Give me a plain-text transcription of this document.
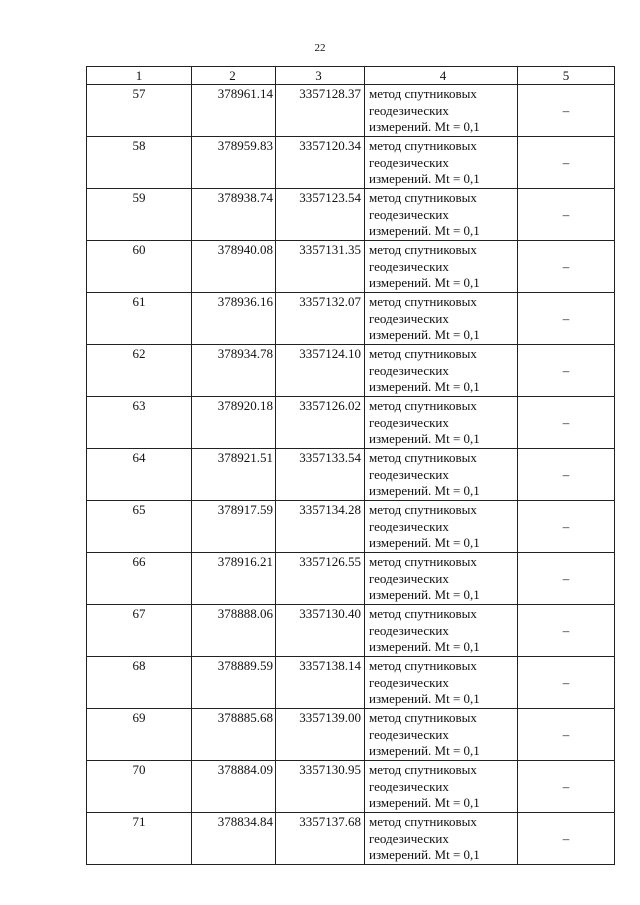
22
1	2	3	4	5
57	378961.14	3357128.37	метод спутниковых
геодезических
измерений. Mt = 0,1	–
58	378959.83	3357120.34	метод спутниковых
геодезических
измерений. Mt = 0,1	–
59	378938.74	3357123.54	метод спутниковых
геодезических
измерений. Mt = 0,1	–
60	378940.08	3357131.35	метод спутниковых
геодезических
измерений. Mt = 0,1	–
61	378936.16	3357132.07	метод спутниковых
геодезических
измерений. Mt = 0,1	–
62	378934.78	3357124.10	метод спутниковых
геодезических
измерений. Mt = 0,1	–
63	378920.18	3357126.02	метод спутниковых
геодезических
измерений. Mt = 0,1	–
64	378921.51	3357133.54	метод спутниковых
геодезических
измерений. Mt = 0,1	–
65	378917.59	3357134.28	метод спутниковых
геодезических
измерений. Mt = 0,1	–
66	378916.21	3357126.55	метод спутниковых
геодезических
измерений. Mt = 0,1	–
67	378888.06	3357130.40	метод спутниковых
геодезических
измерений. Mt = 0,1	–
68	378889.59	3357138.14	метод спутниковых
геодезических
измерений. Mt = 0,1	–
69	378885.68	3357139.00	метод спутниковых
геодезических
измерений. Mt = 0,1	–
70	378884.09	3357130.95	метод спутниковых
геодезических
измерений. Mt = 0,1	–
71	378834.84	3357137.68	метод спутниковых
геодезических
измерений. Mt = 0,1	–
